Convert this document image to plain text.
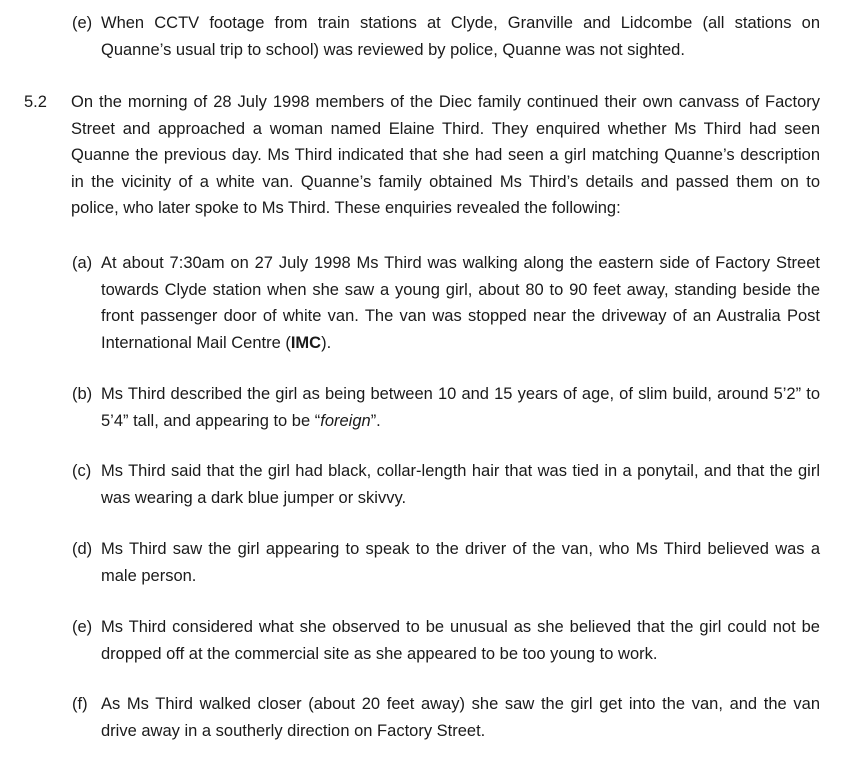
(e) When CCTV footage from train stations at Clyde, Granville and Lidcombe (all stations on Quanne’s usual trip to school) was reviewed by police, Quanne was not sighted.
5.2 On the morning of 28 July 1998 members of the Diec family continued their own canvass of Factory Street and approached a woman named Elaine Third. They enquired whether Ms Third had seen Quanne the previous day. Ms Third indicated that she had seen a girl matching Quanne’s description in the vicinity of a white van. Quanne’s family obtained Ms Third’s details and passed them on to police, who later spoke to Ms Third. These enquiries revealed the following:
(a) At about 7:30am on 27 July 1998 Ms Third was walking along the eastern side of Factory Street towards Clyde station when she saw a young girl, about 80 to 90 feet away, standing beside the front passenger door of white van. The van was stopped near the driveway of an Australia Post International Mail Centre (IMC).
(b) Ms Third described the girl as being between 10 and 15 years of age, of slim build, around 5’2” to 5’4” tall, and appearing to be “foreign”.
(c) Ms Third said that the girl had black, collar-length hair that was tied in a ponytail, and that the girl was wearing a dark blue jumper or skivvy.
(d) Ms Third saw the girl appearing to speak to the driver of the van, who Ms Third believed was a male person.
(e) Ms Third considered what she observed to be unusual as she believed that the girl could not be dropped off at the commercial site as she appeared to be too young to work.
(f) As Ms Third walked closer (about 20 feet away) she saw the girl get into the van, and the van drive away in a southerly direction on Factory Street.
